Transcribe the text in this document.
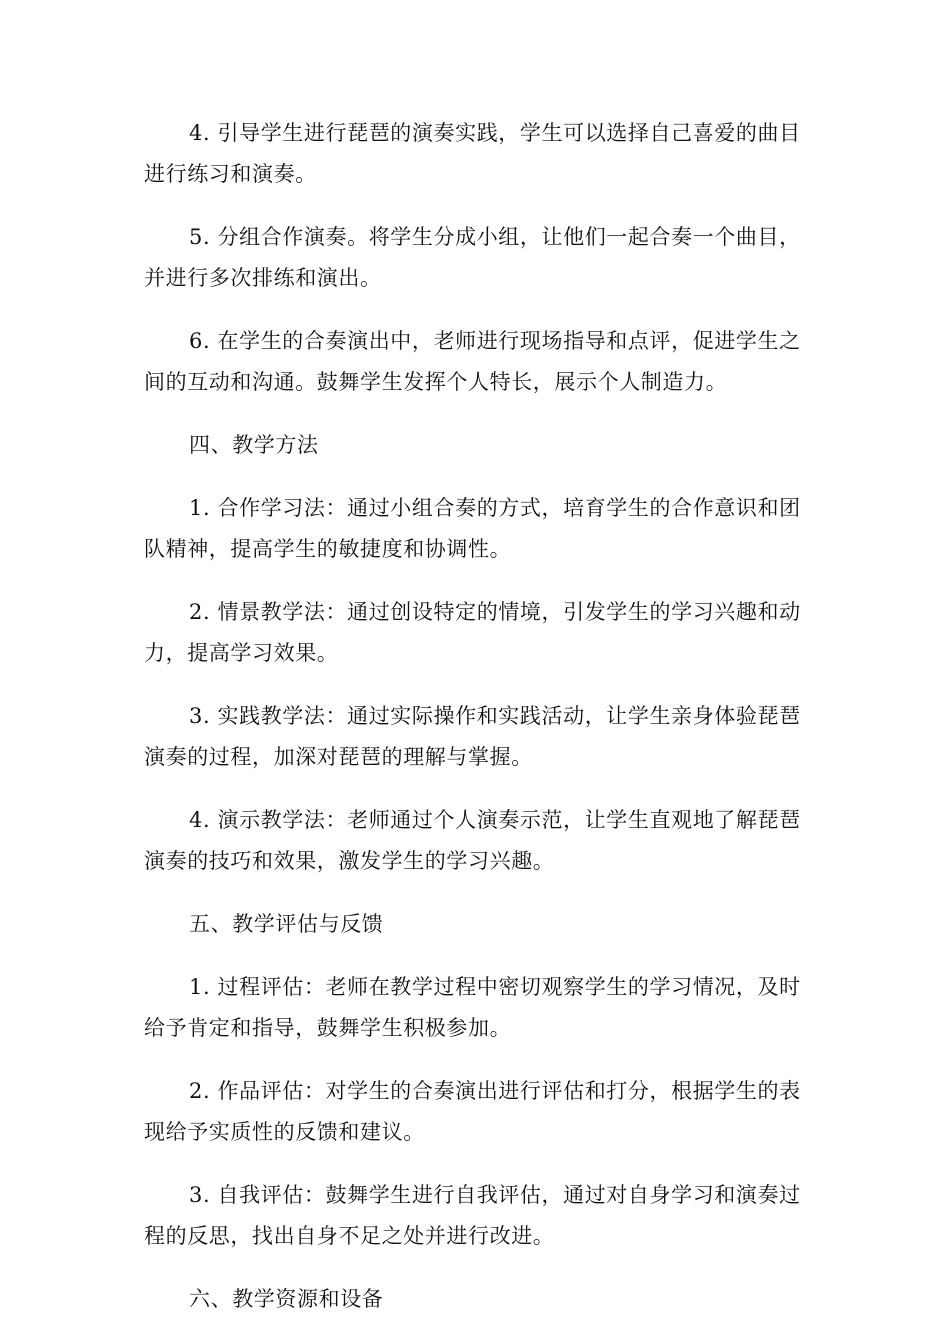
4. 引导学生进行琵琶的演奏实践，学生可以选择自己喜爱的曲目进行练习和演奏。

5. 分组合作演奏。将学生分成小组，让他们一起合奏一个曲目，并进行多次排练和演出。

6. 在学生的合奏演出中，老师进行现场指导和点评，促进学生之间的互动和沟通。鼓舞学生发挥个人特长，展示个人制造力。

四、教学方法

1. 合作学习法：通过小组合奏的方式，培育学生的合作意识和团队精神，提高学生的敏捷度和协调性。

2. 情景教学法：通过创设特定的情境，引发学生的学习兴趣和动力，提高学习效果。

3. 实践教学法：通过实际操作和实践活动，让学生亲身体验琵琶演奏的过程，加深对琵琶的理解与掌握。

4. 演示教学法：老师通过个人演奏示范，让学生直观地了解琵琶演奏的技巧和效果，激发学生的学习兴趣。

五、教学评估与反馈

1. 过程评估：老师在教学过程中密切观察学生的学习情况，及时给予肯定和指导，鼓舞学生积极参加。

2. 作品评估：对学生的合奏演出进行评估和打分，根据学生的表现给予实质性的反馈和建议。

3. 自我评估：鼓舞学生进行自我评估，通过对自身学习和演奏过程的反思，找出自身不足之处并进行改进。

六、教学资源和设备
